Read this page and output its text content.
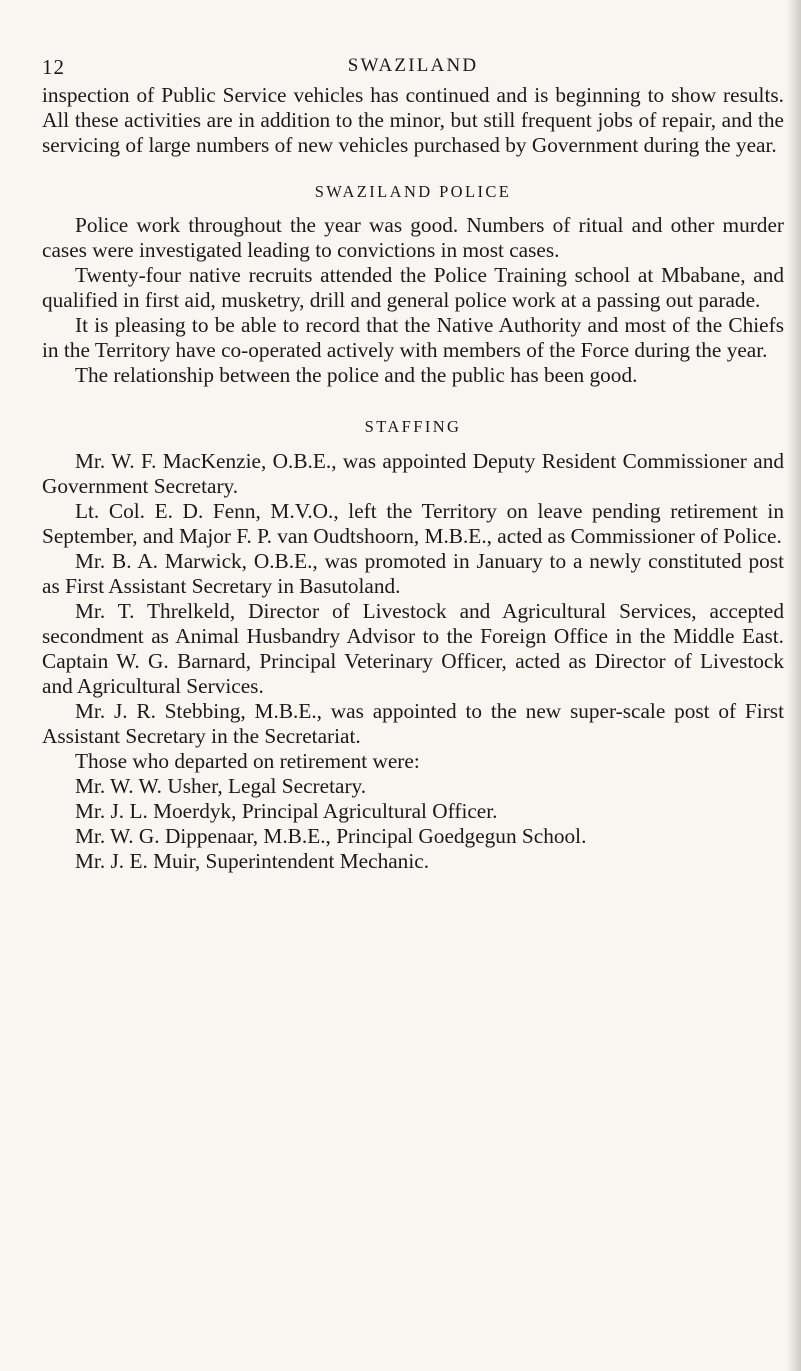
12	SWAZILAND

inspection of Public Service vehicles has continued and is beginning to show results. All these activities are in addition to the minor, but still frequent jobs of repair, and the servicing of large numbers of new vehicles purchased by Government during the year.

SWAZILAND POLICE

Police work throughout the year was good. Numbers of ritual and other murder cases were investigated leading to convictions in most cases.

Twenty-four native recruits attended the Police Training school at Mbabane, and qualified in first aid, musketry, drill and general police work at a passing out parade.

It is pleasing to be able to record that the Native Authority and most of the Chiefs in the Territory have co-operated actively with members of the Force during the year.

The relationship between the police and the public has been good.

STAFFING

Mr. W. F. MacKenzie, O.B.E., was appointed Deputy Resident Commissioner and Government Secretary.

Lt. Col. E. D. Fenn, M.V.O., left the Territory on leave pending retirement in September, and Major F. P. van Oudtshoorn, M.B.E., acted as Commissioner of Police.

Mr. B. A. Marwick, O.B.E., was promoted in January to a newly constituted post as First Assistant Secretary in Basutoland.

Mr. T. Threlkeld, Director of Livestock and Agricultural Services, accepted secondment as Animal Husbandry Advisor to the Foreign Office in the Middle East. Captain W. G. Barnard, Principal Veterinary Officer, acted as Director of Livestock and Agricultural Services.

Mr. J. R. Stebbing, M.B.E., was appointed to the new super-scale post of First Assistant Secretary in the Secretariat.

Those who departed on retirement were:

Mr. W. W. Usher, Legal Secretary.

Mr. J. L. Moerdyk, Principal Agricultural Officer.

Mr. W. G. Dippenaar, M.B.E., Principal Goedgegun School.

Mr. J. E. Muir, Superintendent Mechanic.
